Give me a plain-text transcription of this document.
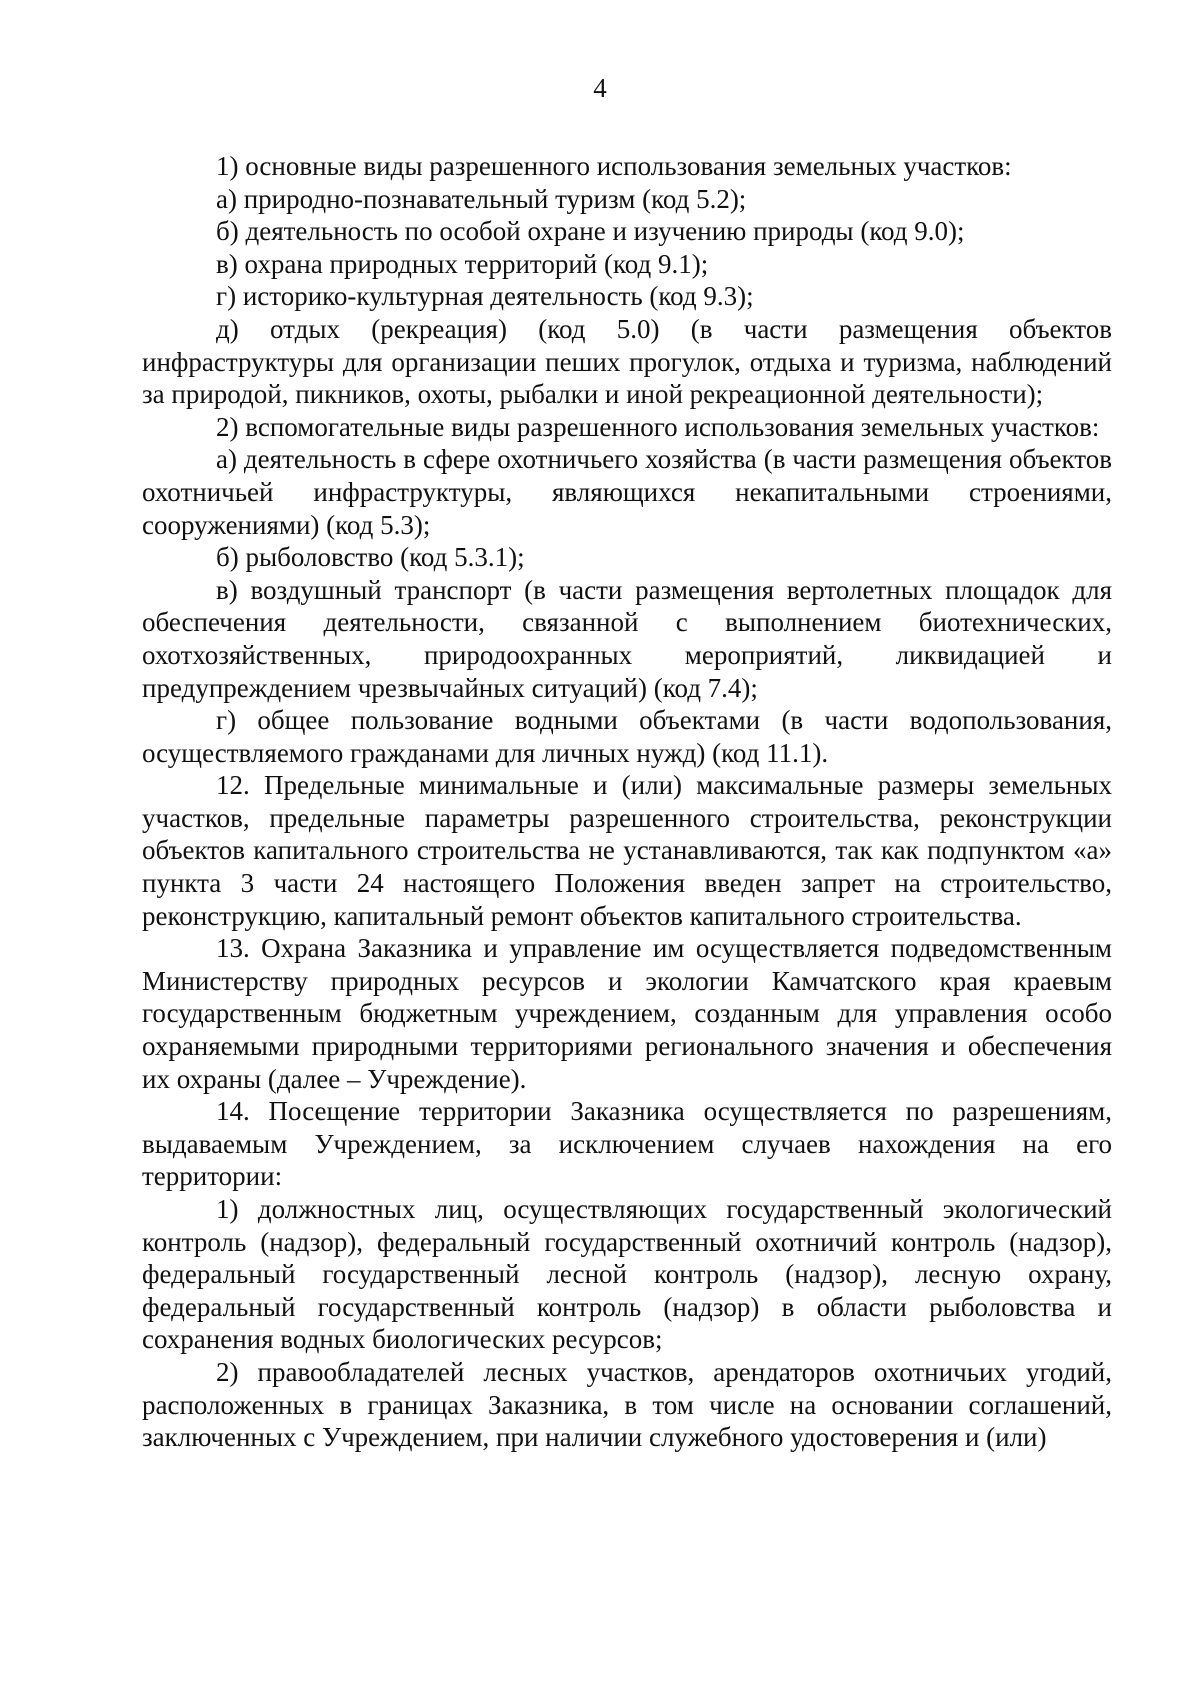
4

1) основные виды разрешенного использования земельных участков:

а) природно-познавательный туризм (код 5.2);

б) деятельность по особой охране и изучению природы (код 9.0);

в) охрана природных территорий (код 9.1);

г) историко-культурная деятельность (код 9.3);

д) отдых (рекреация) (код 5.0) (в части размещения объектов инфраструктуры для организации пеших прогулок, отдыха и туризма, наблюдений за природой, пикников, охоты, рыбалки и иной рекреационной деятельности);

2) вспомогательные виды разрешенного использования земельных участков:

а) деятельность в сфере охотничьего хозяйства (в части размещения объектов охотничьей инфраструктуры, являющихся некапитальными строениями, сооружениями) (код 5.3);

б) рыболовство (код 5.3.1);

в) воздушный транспорт (в части размещения вертолетных площадок для обеспечения деятельности, связанной с выполнением биотехнических, охотхозяйственных, природоохранных мероприятий, ликвидацией и предупреждением чрезвычайных ситуаций) (код 7.4);

г) общее пользование водными объектами (в части водопользования, осуществляемого гражданами для личных нужд) (код 11.1).

12. Предельные минимальные и (или) максимальные размеры земельных участков, предельные параметры разрешенного строительства, реконструкции объектов капитального строительства не устанавливаются, так как подпунктом «а» пункта 3 части 24 настоящего Положения введен запрет на строительство, реконструкцию, капитальный ремонт объектов капитального строительства.

13. Охрана Заказника и управление им осуществляется подведомственным Министерству природных ресурсов и экологии Камчатского края краевым государственным бюджетным учреждением, созданным для управления особо охраняемыми природными территориями регионального значения и обеспечения их охраны (далее – Учреждение).

14. Посещение территории Заказника осуществляется по разрешениям, выдаваемым Учреждением, за исключением случаев нахождения на его территории:

1) должностных лиц, осуществляющих государственный экологический контроль (надзор), федеральный государственный охотничий контроль (надзор), федеральный государственный лесной контроль (надзор), лесную охрану, федеральный государственный контроль (надзор) в области рыболовства и сохранения водных биологических ресурсов;

2) правообладателей лесных участков, арендаторов охотничьих угодий, расположенных в границах Заказника, в том числе на основании соглашений, заключенных с Учреждением, при наличии служебного удостоверения и (или)
